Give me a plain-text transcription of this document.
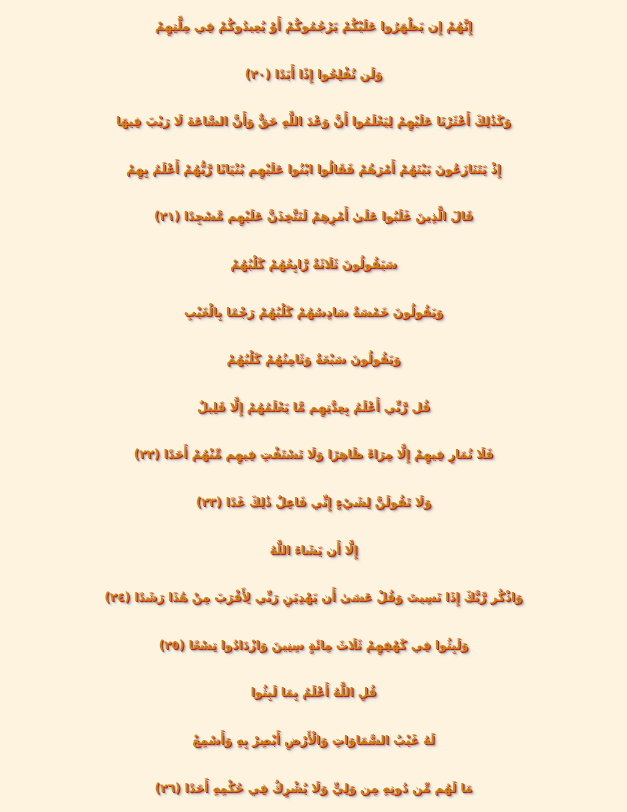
إِنَّهُمْ إِن يَظْهَرُوا عَلَيْكُمْ يَرْجُمُوكُمْ أَوْ يُعِيدُوكُمْ فِي مِلَّتِهِمْ
وَلَن تُفْلِحُوا إِذًا أَبَدًا (٢٠)
وَكَذَٰلِكَ أَعْثَرْنَا عَلَيْهِمْ لِيَعْلَمُوا أَنَّ وَعْدَ اللَّهِ حَقٌّ وَأَنَّ السَّاعَةَ لَا رَيْبَ فِيهَا
إِذْ يَتَنَازَعُونَ بَيْنَهُمْ أَمْرَهُمْ فَقَالُوا ابْنُوا عَلَيْهِم بُنْيَانًا رَّبُّهُمْ أَعْلَمُ بِهِمْ
قَالَ الَّذِينَ غَلَبُوا عَلَىٰ أَمْرِهِمْ لَنَتَّخِذَنَّ عَلَيْهِم مَّسْجِدًا (٢١)
سَيَقُولُونَ ثَلَاثَةٌ رَّابِعُهُمْ كَلْبُهُمْ
وَيَقُولُونَ خَمْسَةٌ سَادِسُهُمْ كَلْبُهُمْ رَجْمًا بِالْغَيْبِ
وَيَقُولُونَ سَبْعَةٌ وَثَامِنُهُمْ كَلْبُهُمْ
قُل رَّبِّي أَعْلَمُ بِعِدَّتِهِم مَّا يَعْلَمُهُمْ إِلَّا قَلِيلٌ
فَلَا تُمَارِ فِيهِمْ إِلَّا مِرَاءً ظَاهِرًا وَلَا تَسْتَفْتِ فِيهِم مِّنْهُمْ أَحَدًا (٢٢)
وَلَا تَقُولَنَّ لِشَيْءٍ إِنِّي فَاعِلٌ ذَٰلِكَ غَدًا (٢٣)
إِلَّا أَن يَشَاءَ اللَّهُ
وَاذْكُر رَّبَّكَ إِذَا نَسِيتَ وَقُلْ عَسَىٰ أَن يَهْدِيَنِ رَبِّي لِأَقْرَبَ مِنْ هَٰذَا رَشَدًا (٢٤)
وَلَبِثُوا فِي كَهْفِهِمْ ثَلَاثَ مِائَةٍ سِنِينَ وَازْدَادُوا تِسْعًا (٢٥)
قُلِ اللَّهُ أَعْلَمُ بِمَا لَبِثُوا
لَهُ غَيْبُ السَّمَاوَاتِ وَالْأَرْضِ أَبْصِرْ بِهِ وَأَسْمِعْ
مَا لَهُم مِّن دُونِهِ مِن وَلِيٍّ وَلَا يُشْرِكُ فِي حُكْمِهِ أَحَدًا (٢٦)
